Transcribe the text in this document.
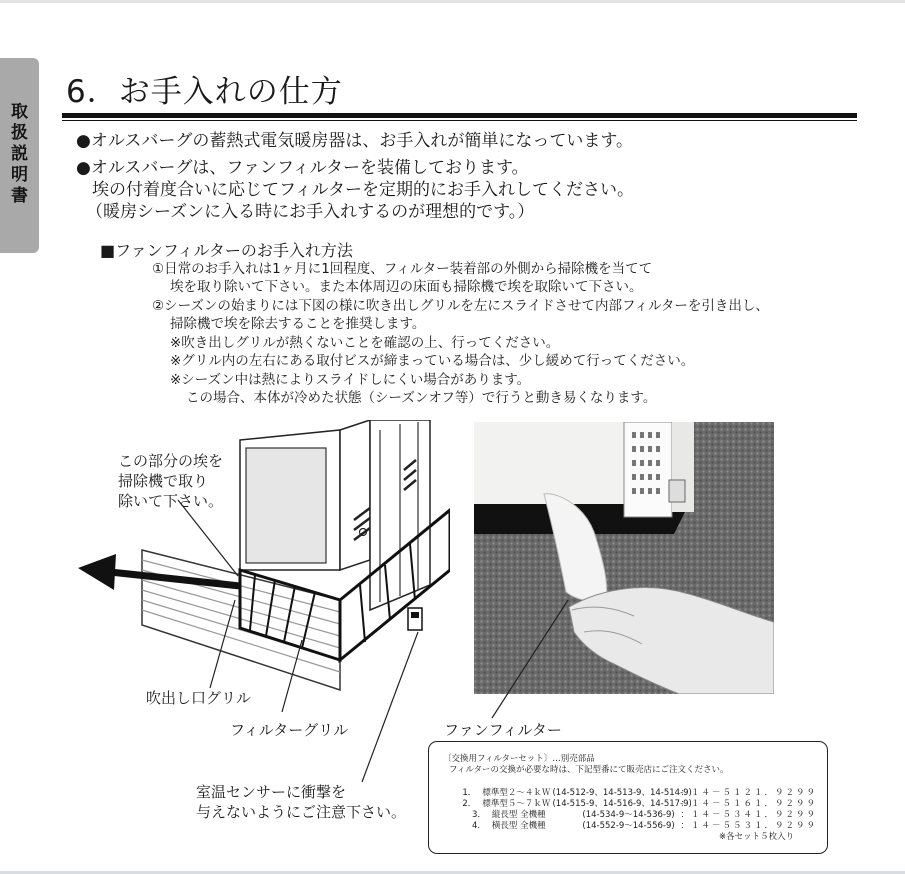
取
扱
説
明
書
6．お手入れの仕方
●オルスバーグの蓄熱式電気暖房器は、お手入れが簡単になっています。
●オルスバーグは、ファンフィルターを装備しております。
埃の付着度合いに応じてフィルターを定期的にお手入れしてください。
（暖房シーズンに入る時にお手入れするのが理想的です。）
■ファンフィルターのお手入れ方法
①日常のお手入れは1ヶ月に1回程度、フィルター装着部の外側から掃除機を当てて
埃を取り除いて下さい。また本体周辺の床面も掃除機で埃を取除いて下さい。
②シーズンの始まりには下図の様に吹き出しグリルを左にスライドさせて内部フィルターを引き出し、
掃除機で埃を除去することを推奨します。
※吹き出しグリルが熱くないことを確認の上、行ってください。
※グリル内の左右にある取付ビスが締まっている場合は、少し緩めて行ってください。
※シーズン中は熱によりスライドしにくい場合があります。
この場合、本体が冷めた状態（シーズンオフ等）で行うと動き易くなります。
この部分の埃を
掃除機で取り
除いて下さい。
吹出し口グリル
フィルターグリル	ファンフィルター
室温センサーに衝撃を
与えないようにご注意下さい。
〔交換用フィルターセット〕…別売部品
フィルターの交換が必要な時は、下記型番にて販売店にご注文ください。
1． 標準型２～４ｋＷ (14-512-9、14-513-9、14-514-9)
：１４－５１２１．９２９９
2． 標準型５～７ｋＷ (14-515-9、14-516-9、14-517-9)
：１４－５１６１．９２９９
3． 縦長型 全機種	(14-534-9～14-536-9) ：１４－５３４１．９２９９
4． 横長型 全機種	(14-552-9～14-556-9) ：１４－５５３１．９２９９
※各セット５枚入り
